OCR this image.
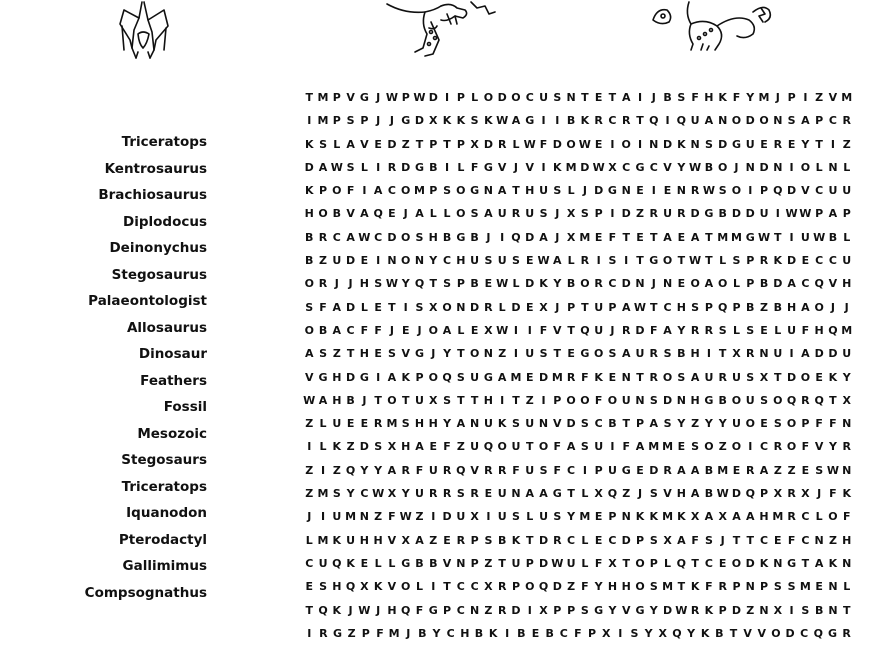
Triceratops
Kentrosaurus
Brachiosaurus
Diplodocus
Deinonychus
Stegosaurus
Palaeontologist
Allosaurus
Dinosaur
Feathers
Fossil
Mesozoic
Stegosaurs
Triceratops
Iquanodon
Pterodactyl
Gallimimus
Compsognathus
T M P V G J W P W D I P L O D O C U S N T E T A I J B S F H K F Y M J P I Z V M
I M P S P J J G D X K K S K W A G I I B K R C R T Q I Q U A N O D O N S A P C R
K S L A V E D Z T P T P X D R L W F D O W E I O I N D K N S D G U E R E Y T I Z
D A W S L I R D G B I L F G V J V I K M D W X C G C V Y W B O J N D N I O L N L
K P O F I A C O M P S O G N A T H U S L J D G N E I E N R W S O I P Q D V C U U
H O B V A Q E J A L L O S A U R U S J X S P I D Z R U R D G B D D U I W W P A P
B R C A W C D O S H B G B J I Q D A J X M E F T E T A E A T M M G W T I U W B L
B Z U D E I N O N Y C H U S U S E W A L R I S I T G O T W T L S P R K D E C C U
O R J J H S W Y Q T S P B E W L D K Y B O R C D N J N E O A O L P B D A C Q V H
S F A D L E T I S X O N D R L D E X J P T U P A W T C H S P Q P B Z B H A O J J
O B A C F F J E J O A L E X W I I F V T Q U J R D F A Y R R S L S E L U F H Q M
A S Z T H E S V G J Y T O N Z I U S T E G O S A U R S B H I T X R N U I A D D U
V G H D G I A K P O Q S U G A M E D M R F K E N T R O S A U R U S X T D O E K Y
W A H B J T O T U X S T T H I T Z I P O O F O U N S D N H G B O U S O Q R Q T X
Z L U E E R M S H H Y A N U K S U N V D S C B T P A S Y Z Y Y U O E S O P F F N
I L K Z D S X H A E F Z U Q O U T O F A S U I F A M M E S O Z O I C R O F V Y R
Z I Z Q Y Y A R F U R Q V R R F U S F C I P U G E D R A A B M E R A Z Z E S W N
Z M S Y C W X Y U R R S R E U N A A G T L X Q Z J S V H A B W D Q P X R X J F K
J I U M N Z F W Z I D U X I U S L U S Y M E P N K K M K X A X A A H M R C L O F
L M K U H H V X A Z E R P S B K T D R C L E C D P S X A F S J T T C E F C N Z H
C U Q K E L L G B B V N P Z T U P D W U L F X T O P L Q T C E O D K N G T A K N
E S H Q X K V O L I T C C X R P O Q D Z F Y H H O S M T K F R P N P S S M E N L
T Q K J W J H Q F G P C N Z R D I X P P S G Y V G Y D W R K P D Z N X I S B N T
I R G Z P F M J B Y C H B K I B E B C F P X I S Y X Q Y K B T V V O D C Q G R
